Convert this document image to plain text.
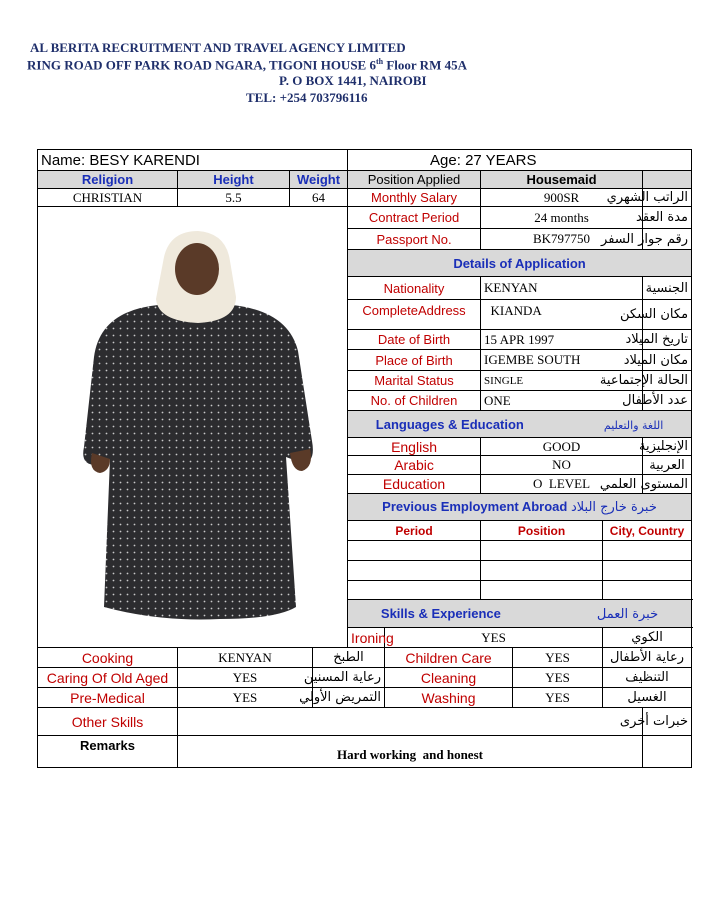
AL BERITA RECRUITMENT AND TRAVEL AGENCY LIMITED
RING ROAD OFF PARK ROAD NGARA, TIGONI HOUSE 6th Floor RM 45A
P. O BOX 1441, NAIROBI
TEL: +254 703796116
Name: BESY KARENDI				Age: 27 YEARS						
Religion	Height	Weight		Position Applied		Housemaid				
CHRISTIAN	5.5	64		Monthly Salary		900SR			الراتب الشهري	

	Contract Period		24 months			مدة العقد	
				Passport No.		BK797750			رقم جواز السفر	
				Details of Application						
				Nationality		KENYAN			الجنسية	
				CompleteAddress		KIANDA			مكان السكن	
				Date of Birth		15 APR 1997			تاريخ الميلاد	
				Place of Birth		IGEMBE SOUTH			مكان الميلاد	
				Marital Status		SINGLE			الحالة الإجتماعية	
				No. of Children		ONE			عدد الأطفال	
				Languages & Education اللغة والتعليم						
				English		GOOD			الإنجليزية	
				Arabic		NO			العربية	
				Education		O  LEVEL			المستوى العلمي	
				Previous Employment Abroad خبرة خارج البلاد						
				Period		Position		City, Country		

				Skills & Experience خبرة العمل						
				Ironing	YES			الكوي			
Cooking	KENYAN		الطبخ		Children Care		YES	رعاية الأطفال		
Caring Of Old Aged	YES		رعاية المسنين		Cleaning		YES	التنظيف		
Pre-Medical	YES		التمريض الأولي		Washing		YES	الغسيل		
Other Skills									خبرات أخرى	
Remarks	Hard working  and honest									
